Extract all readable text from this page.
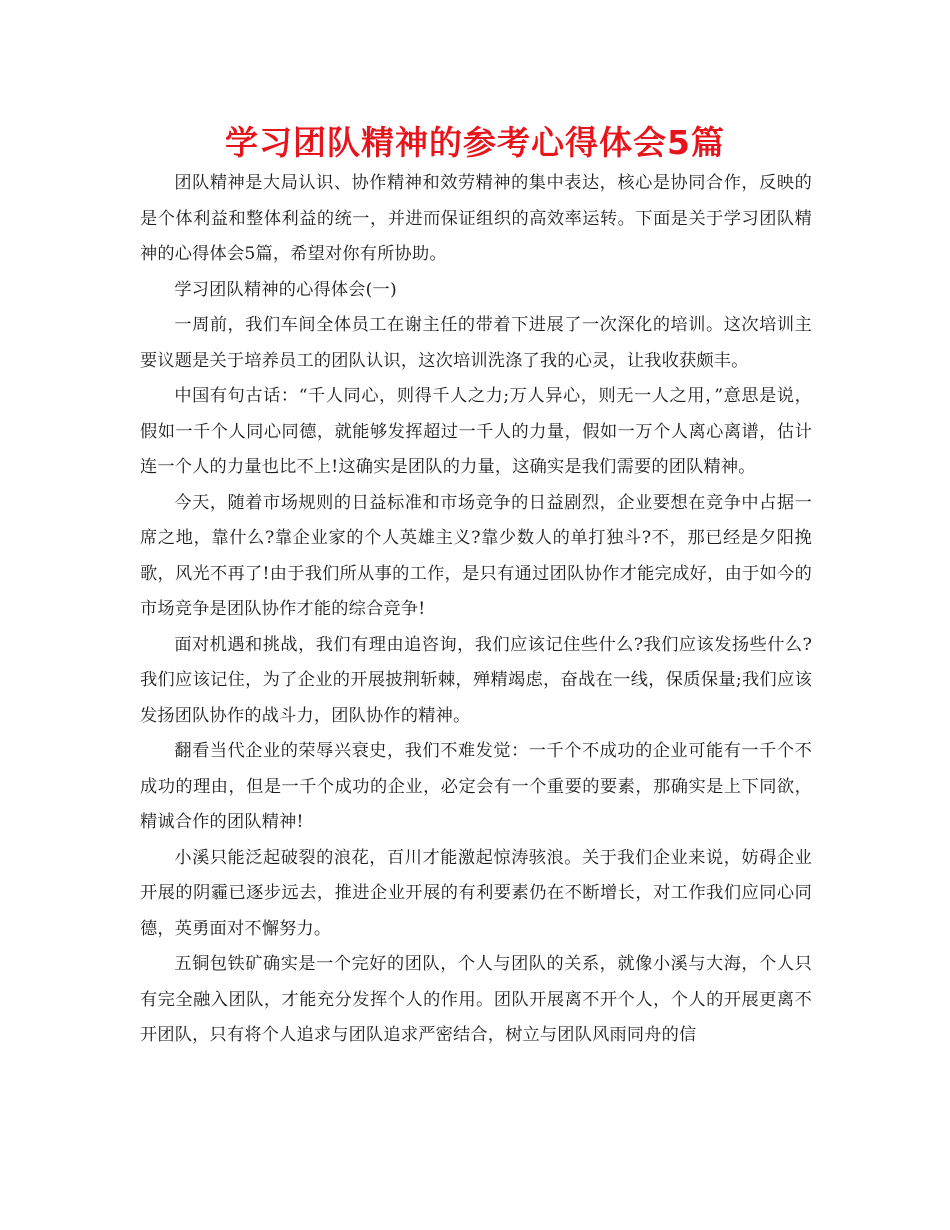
学习团队精神的参考心得体会5篇

团队精神是大局认识、协作精神和效劳精神的集中表达，核心是协同合作，反映的是个体利益和整体利益的统一，并进而保证组织的高效率运转。下面是关于学习团队精神的心得体会5篇，希望对你有所协助。

学习团队精神的心得体会(一)

一周前，我们车间全体员工在谢主任的带着下进展了一次深化的培训。这次培训主要议题是关于培养员工的团队认识，这次培训洗涤了我的心灵，让我收获颇丰。

中国有句古话：“千人同心，则得千人之力;万人异心，则无一人之用，”意思是说，假如一千个人同心同德，就能够发挥超过一千人的力量，假如一万个人离心离谱，估计连一个人的力量也比不上!这确实是团队的力量，这确实是我们需要的团队精神。

今天，随着市场规则的日益标准和市场竞争的日益剧烈，企业要想在竞争中占据一席之地，靠什么?靠企业家的个人英雄主义?靠少数人的单打独斗?不，那已经是夕阳挽歌，风光不再了!由于我们所从事的工作，是只有通过团队协作才能完成好，由于如今的市场竞争是团队协作才能的综合竞争!

面对机遇和挑战，我们有理由追咨询，我们应该记住些什么?我们应该发扬些什么?我们应该记住，为了企业的开展披荆斩棘，殚精竭虑，奋战在一线，保质保量;我们应该发扬团队协作的战斗力，团队协作的精神。

翻看当代企业的荣辱兴衰史，我们不难发觉：一千个不成功的企业可能有一千个不成功的理由，但是一千个成功的企业，必定会有一个重要的要素，那确实是上下同欲，精诚合作的团队精神!

小溪只能泛起破裂的浪花，百川才能激起惊涛骇浪。关于我们企业来说，妨碍企业开展的阴霾已逐步远去，推进企业开展的有利要素仍在不断增长，对工作我们应同心同德，英勇面对不懈努力。

五铜包铁矿确实是一个完好的团队，个人与团队的关系，就像小溪与大海，个人只有完全融入团队，才能充分发挥个人的作用。团队开展离不开个人，个人的开展更离不开团队，只有将个人追求与团队追求严密结合，树立与团队风雨同舟的信
